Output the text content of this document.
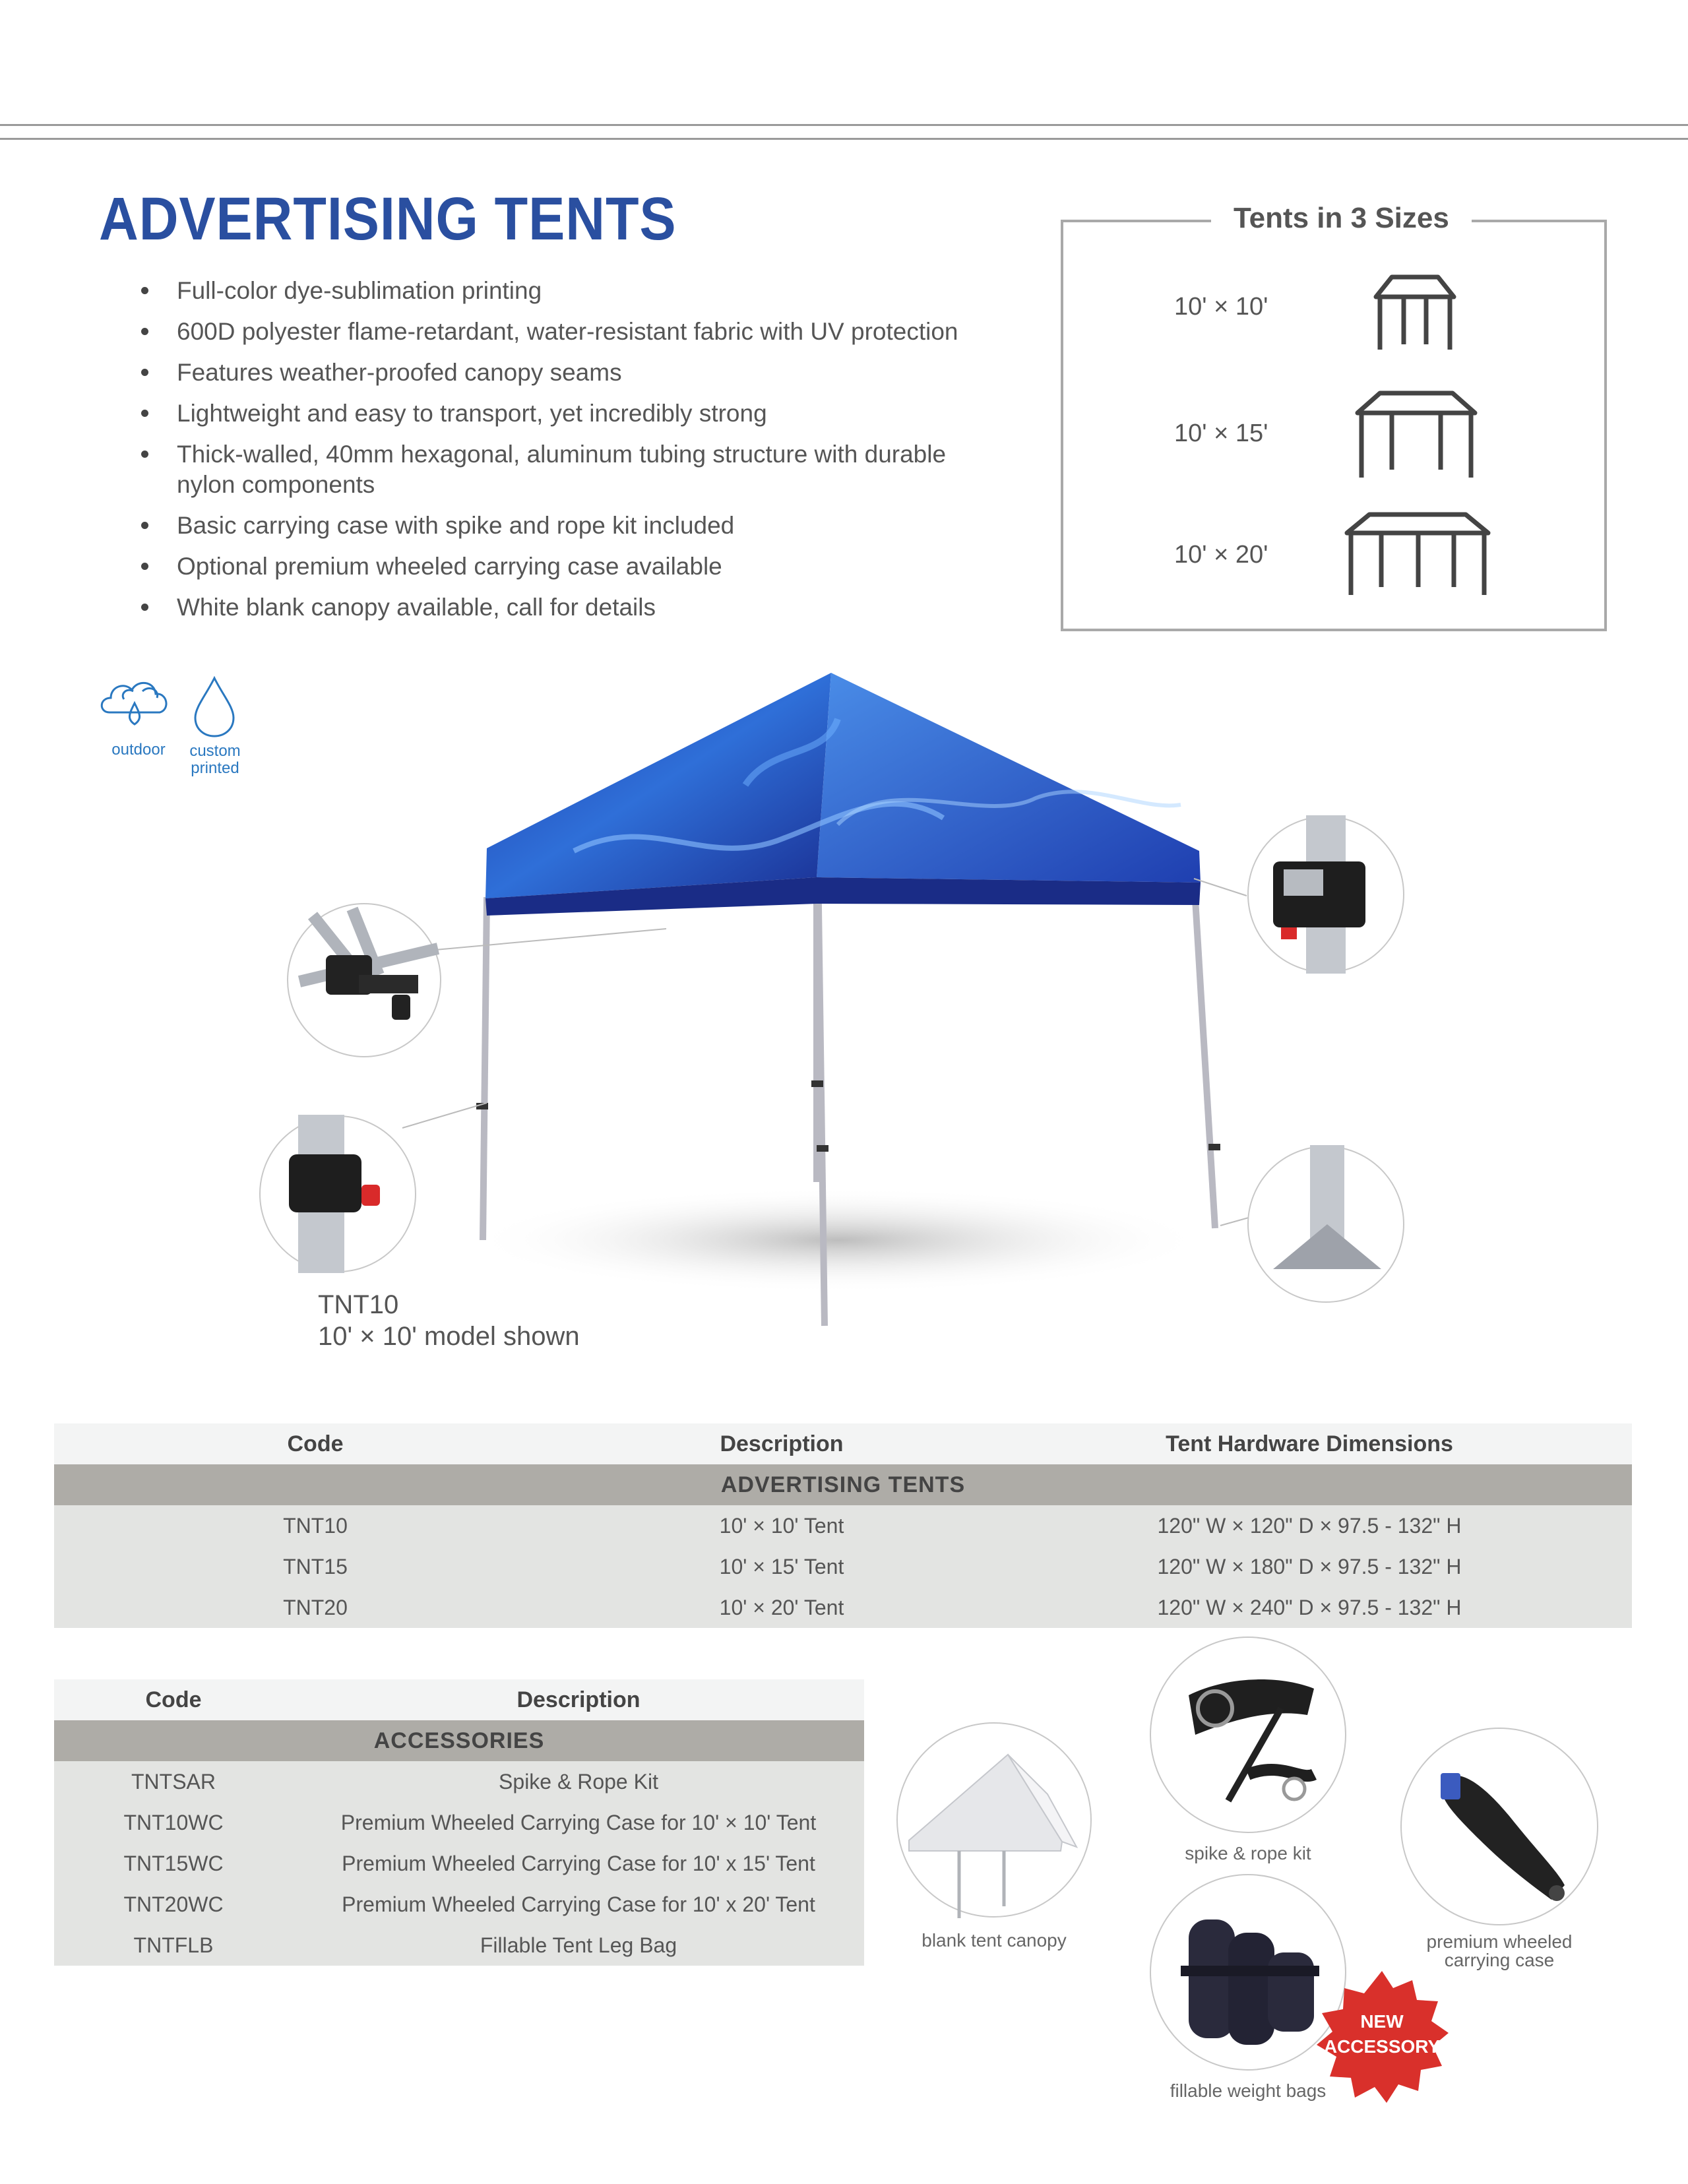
ADVERTISING TENTS
Full-color dye-sublimation printing
600D polyester flame-retardant, water-resistant fabric with UV protection
Features weather-proofed canopy seams
Lightweight and easy to transport, yet incredibly strong
Thick-walled, 40mm hexagonal, aluminum tubing structure with durable nylon components
Basic carrying case with spike and rope kit included
Optional premium wheeled carrying case available
White blank canopy available, call for details
Tents in 3 Sizes
10' × 10'
10' × 15'
10' × 20'
outdoor	custom
printed
TNT10
10' × 10' model shown
Code	Description	Tent Hardware Dimensions
ADVERTISING TENTS		
TNT10	10' × 10' Tent	120" W × 120" D × 97.5 - 132" H
TNT15	10' × 15' Tent	120" W × 180" D × 97.5 - 132" H
TNT20	10' × 20' Tent	120" W × 240" D × 97.5 - 132" H
Code	Description
ACCESSORIES	
TNTSAR	Spike & Rope Kit
TNT10WC	Premium Wheeled Carrying Case for 10' × 10' Tent
TNT15WC	Premium Wheeled Carrying Case for 10' x 15' Tent
TNT20WC	Premium Wheeled Carrying Case for 10' x 20' Tent
TNTFLB	Fillable Tent Leg Bag
spike & rope kit
blank tent canopy	premium wheeled
carrying case
fillable weight bags
NEW
ACCESSORY
